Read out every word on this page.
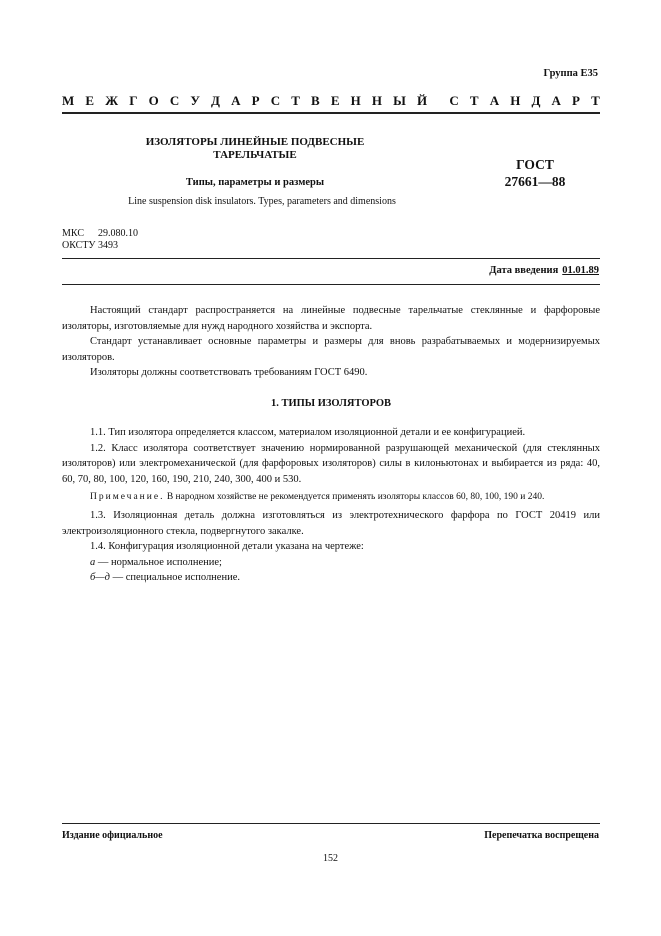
Группа Е35
М Е Ж Г О С У Д А Р С Т В Е Н Н Ы Й С Т А Н Д А Р Т
ИЗОЛЯТОРЫ ЛИНЕЙНЫЕ ПОДВЕСНЫЕ
ТАРЕЛЬЧАТЫЕ
Типы, параметры и размеры
Line suspension disk insulators. Types, parameters and dimensions
ГОСТ
27661—88
МКС 29.080.10
ОКСТУ 3493
Дата введения 01.01.89

Настоящий стандарт распространяется на линейные подвесные тарельчатые стеклянные и фарфоровые изоляторы, изготовляемые для нужд народного хозяйства и экспорта.

Стандарт устанавливает основные параметры и размеры для вновь разрабатываемых и модернизируемых изоляторов.

Изоляторы должны соответствовать требованиям ГОСТ 6490.

1. ТИПЫ ИЗОЛЯТОРОВ

1.1. Тип изолятора определяется классом, материалом изоляционной детали и ее конфигурацией.

1.2. Класс изолятора соответствует значению нормированной разрушающей механической (для стеклянных изоляторов) или электромеханической (для фарфоровых изоляторов) силы в килоньютонах и выбирается из ряда: 40, 60, 70, 80, 100, 120, 160, 190, 210, 240, 300, 400 и 530.

Примечание. В народном хозяйстве не рекомендуется применять изоляторы классов 60, 80, 100, 190 и 240.

1.3. Изоляционная деталь должна изготовляться из электротехнического фарфора по ГОСТ 20419 или электроизоляционного стекла, подвергнутого закалке.

1.4. Конфигурация изоляционной детали указана на чертеже:

а — нормальное исполнение;

б—д — специальное исполнение.

Издание официальное	Перепечатка воспрещена
152
